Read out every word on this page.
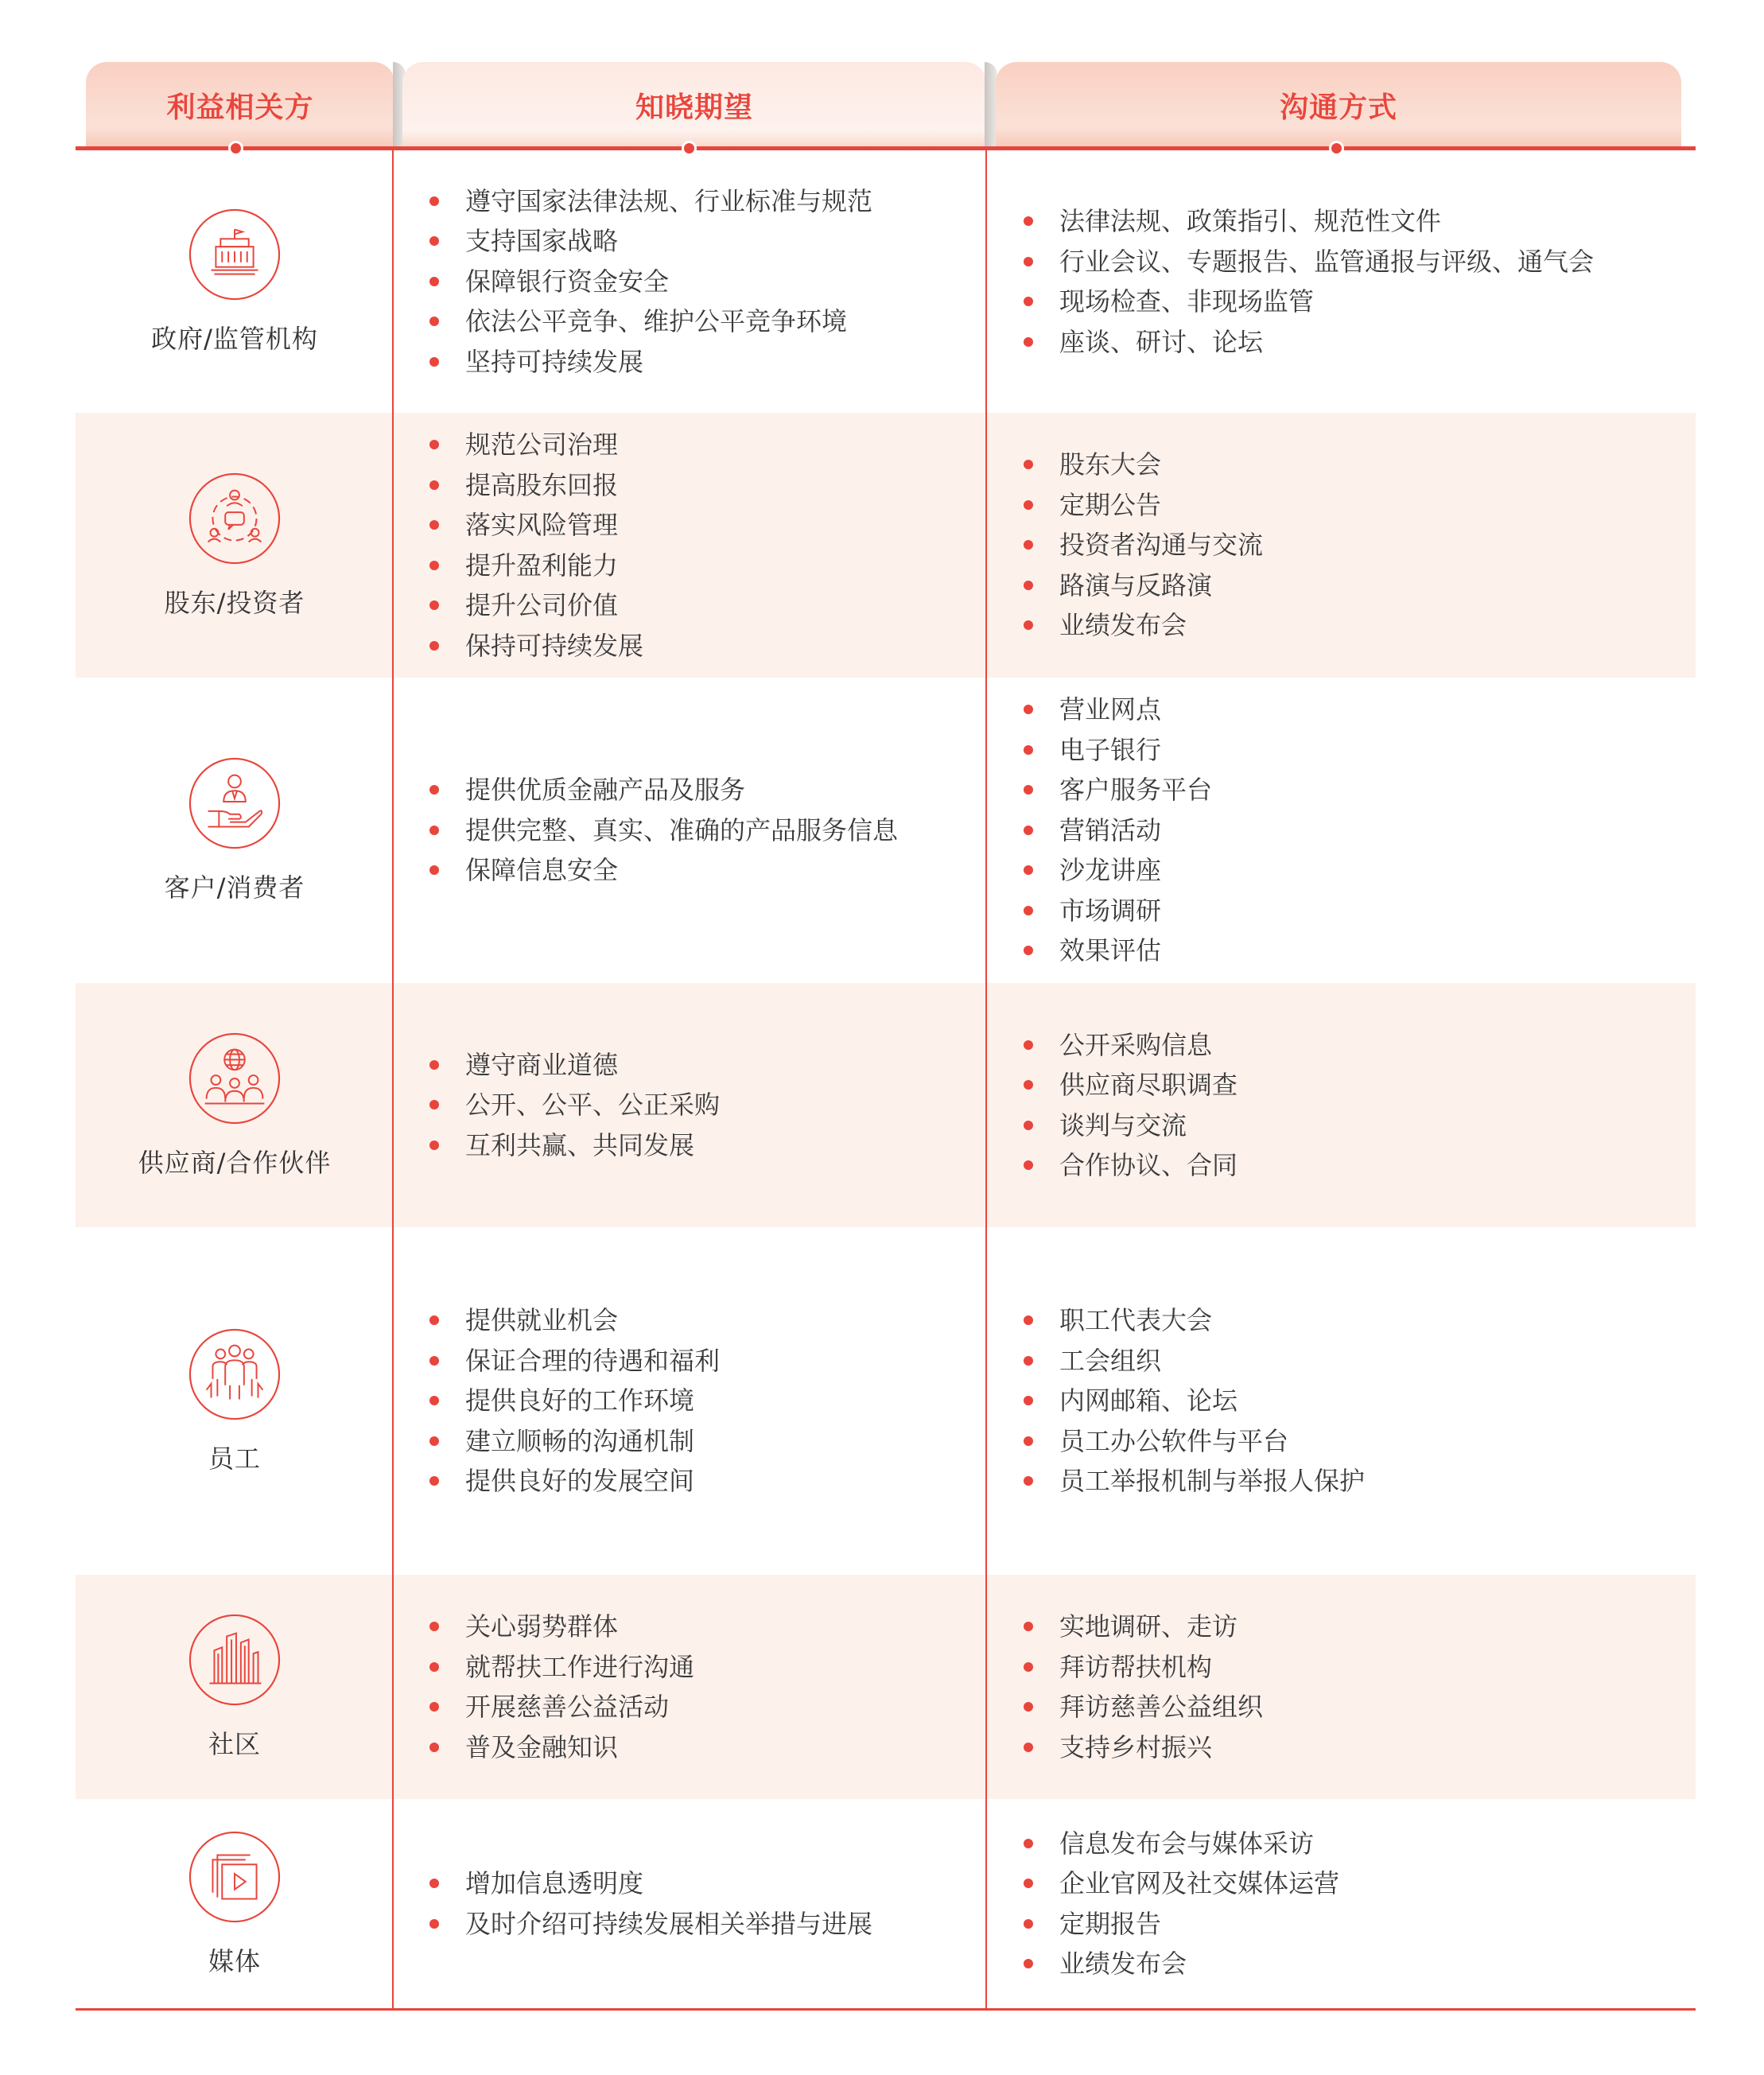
利益相关方	知晓期望	沟通方式
政府/监管机构
遵守国家法律法规、行业标准与规范
支持国家战略
保障银行资金安全
依法公平竞争、维护公平竞争环境
坚持可持续发展
法律法规、政策指引、规范性文件
行业会议、专题报告、监管通报与评级、通气会
现场检查、非现场监管
座谈、研讨、论坛
股东/投资者
规范公司治理
提高股东回报
落实风险管理
提升盈利能力
提升公司价值
保持可持续发展
股东大会
定期公告
投资者沟通与交流
路演与反路演
业绩发布会
客户/消费者
提供优质金融产品及服务
提供完整、真实、准确的产品服务信息
保障信息安全
营业网点
电子银行
客户服务平台
营销活动
沙龙讲座
市场调研
效果评估
供应商/合作伙伴
遵守商业道德
公开、公平、公正采购
互利共赢、共同发展
公开采购信息
供应商尽职调查
谈判与交流
合作协议、合同
员工
提供就业机会
保证合理的待遇和福利
提供良好的工作环境
建立顺畅的沟通机制
提供良好的发展空间
职工代表大会
工会组织
内网邮箱、论坛
员工办公软件与平台
员工举报机制与举报人保护
社区
关心弱势群体
就帮扶工作进行沟通
开展慈善公益活动
普及金融知识
实地调研、走访
拜访帮扶机构
拜访慈善公益组织
支持乡村振兴
媒体
增加信息透明度
及时介绍可持续发展相关举措与进展
信息发布会与媒体采访
企业官网及社交媒体运营
定期报告
业绩发布会
